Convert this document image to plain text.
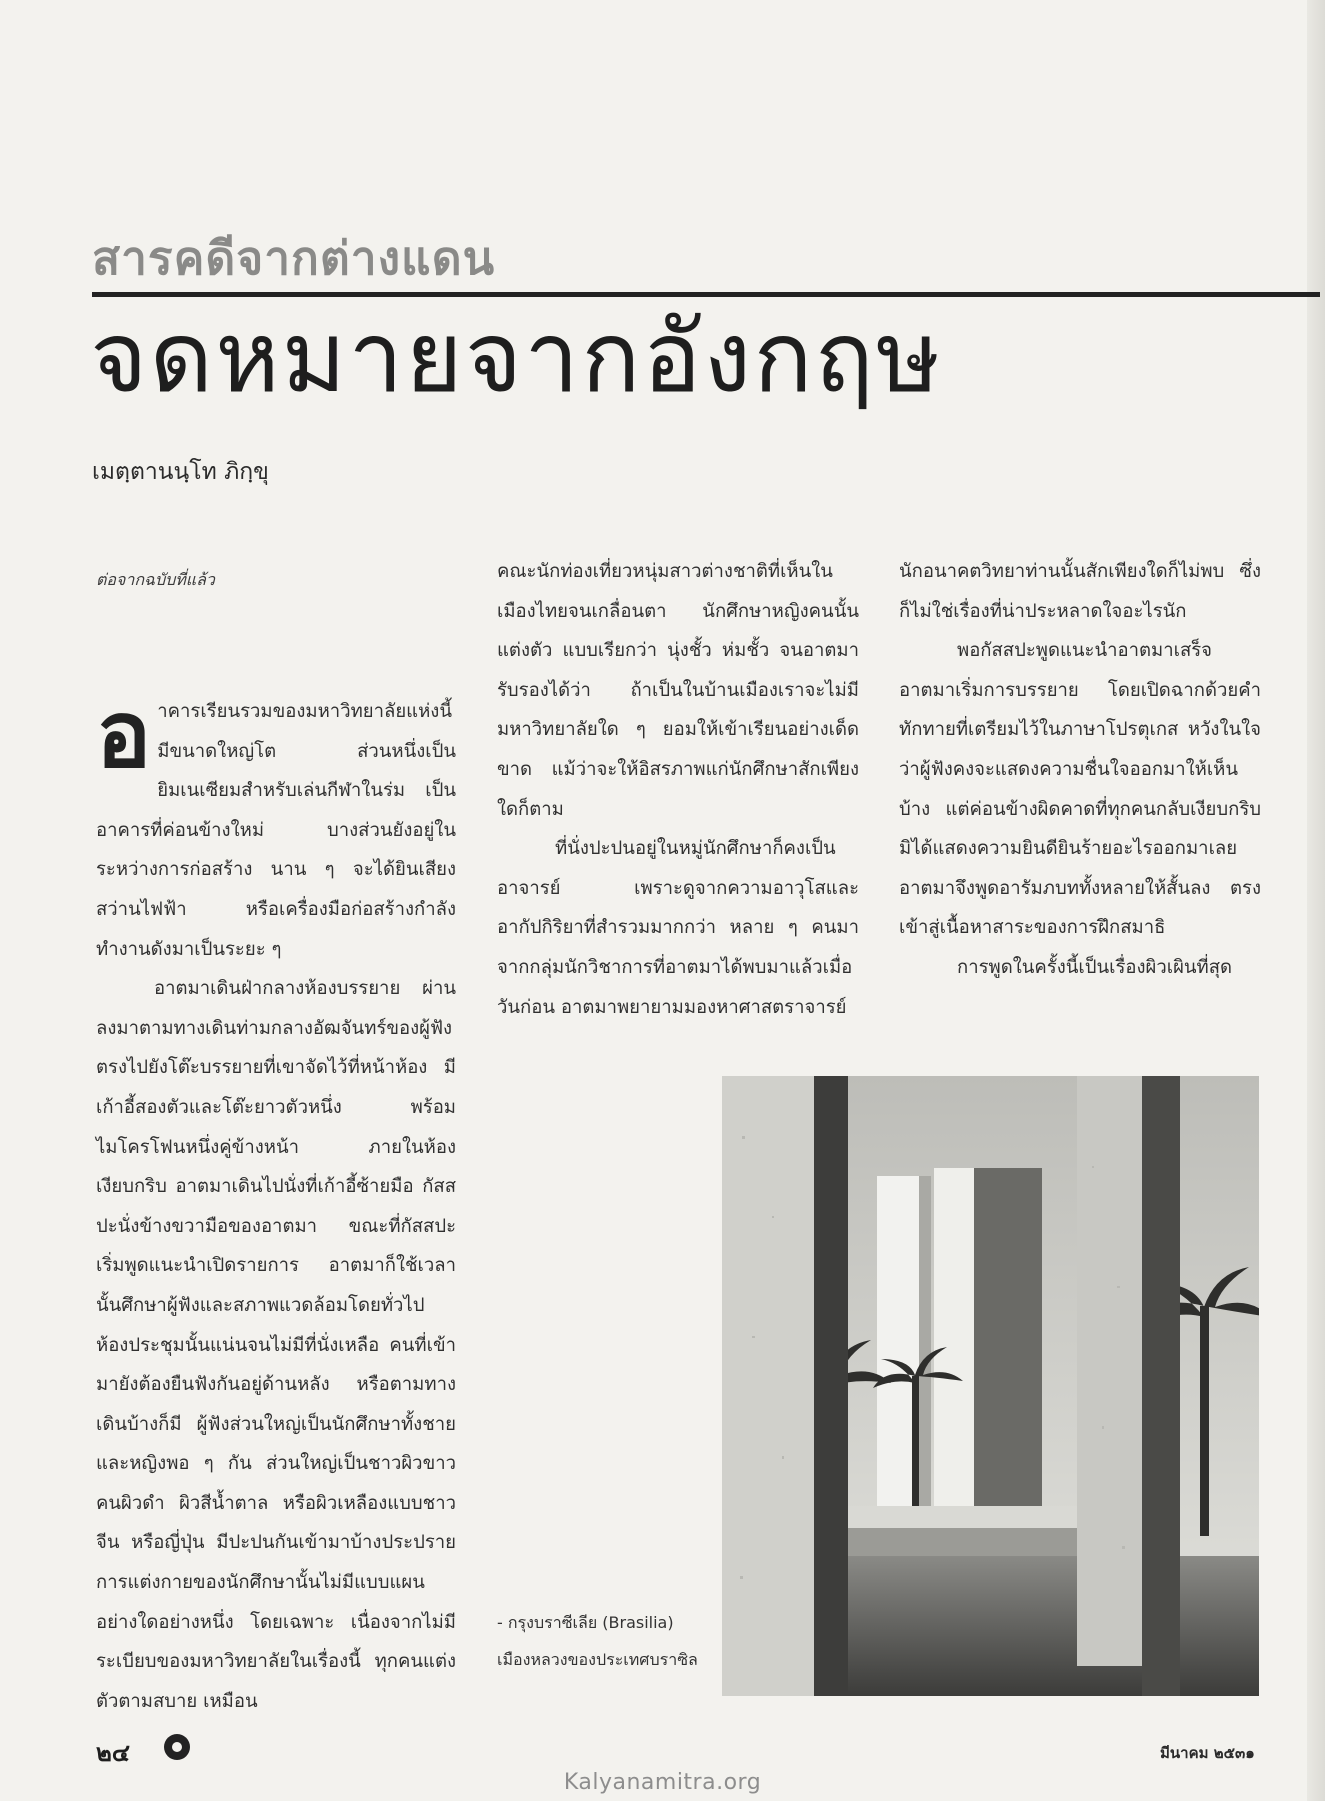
สารคดีจากต่างแดน
จดหมายจากอังกฤษ
เมตฺตานนฺโท ภิกฺขุ

ต่อจากฉบับที่แล้ว

อ าคารเรียนรวมของมหาวิทยาลัยแห่งนี้ มีขนาดใหญ่โต ส่วนหนึ่งเป็นยิมเนเซียมสำหรับเล่นกีฬาในร่ม เป็นอาคารที่ค่อนข้างใหม่ บางส่วนยังอยู่ในระหว่างการก่อสร้าง นาน ๆ จะได้ยินเสียงสว่านไฟฟ้า หรือเครื่องมือก่อสร้างกำลังทำงานดังมาเป็นระยะ ๆ

อาตมาเดินฝ่ากลางห้องบรรยาย ผ่านลงมาตามทางเดินท่ามกลางอัฒจันทร์ของผู้ฟังตรงไปยังโต๊ะบรรยายที่เขาจัดไว้ที่หน้าห้อง มีเก้าอี้สองตัวและโต๊ะยาวตัวหนึ่ง พร้อมไมโครโฟนหนึ่งคู่ข้างหน้า ภายในห้องเงียบกริบ อาตมาเดินไปนั่งที่เก้าอี้ซ้ายมือ กัสสปะนั่งข้างขวามือของอาตมา ขณะที่กัสสปะเริ่มพูดแนะนำเปิดรายการ อาตมาก็ใช้เวลานั้นศึกษาผู้ฟังและสภาพแวดล้อมโดยทั่วไป ห้องประชุมนั้นแน่นจนไม่มีที่นั่งเหลือ คนที่เข้ามายังต้องยืนฟังกันอยู่ด้านหลัง หรือตามทางเดินบ้างก็มี ผู้ฟังส่วนใหญ่เป็นนักศึกษาทั้งชายและหญิงพอ ๆ กัน ส่วนใหญ่เป็นชาวผิวขาว คนผิวดำ ผิวสีน้ำตาล หรือผิวเหลืองแบบชาวจีน หรือญี่ปุ่น มีปะปนกันเข้ามาบ้างประปราย การแต่งกายของนักศึกษานั้นไม่มีแบบแผนอย่างใดอย่างหนึ่ง โดยเฉพาะ เนื่องจากไม่มีระเบียบของมหาวิทยาลัยในเรื่องนี้ ทุกคนแต่งตัวตามสบาย เหมือน

คณะนักท่องเที่ยวหนุ่มสาวต่างชาติที่เห็นในเมืองไทยจนเกลื่อนตา นักศึกษาหญิงคนนั้นแต่งตัว แบบเรียกว่า นุ่งชั้ว ห่มชั้ว จนอาตมารับรองได้ว่า ถ้าเป็นในบ้านเมืองเราจะไม่มีมหาวิทยาลัยใด ๆ ยอมให้เข้าเรียนอย่างเด็ดขาด แม้ว่าจะให้อิสรภาพแก่นักศึกษาสักเพียงใดก็ตาม

ที่นั่งปะปนอยู่ในหมู่นักศึกษาก็คงเป็นอาจารย์ เพราะดูจากความอาวุโสและอากัปกิริยาที่สำรวมมากกว่า หลาย ๆ คนมาจากกลุ่มนักวิชาการที่อาตมาได้พบมาแล้วเมื่อวันก่อน อาตมาพยายามมองหาศาสตราจารย์

นักอนาคตวิทยาท่านนั้นสักเพียงใดก็ไม่พบ ซึ่งก็ไม่ใช่เรื่องที่น่าประหลาดใจอะไรนัก

พอกัสสปะพูดแนะนำอาตมาเสร็จ อาตมาเริ่มการบรรยาย โดยเปิดฉากด้วยคำทักทายที่เตรียมไว้ในภาษาโปรตุเกส หวังในใจว่าผู้ฟังคงจะแสดงความชื่นใจออกมาให้เห็นบ้าง แต่ค่อนข้างผิดคาดที่ทุกคนกลับเงียบกริบมิได้แสดงความยินดียินร้ายอะไรออกมาเลย อาตมาจึงพูดอารัมภบททั้งหลายให้สั้นลง ตรงเข้าสู่เนื้อหาสาระของการฝึกสมาธิ

การพูดในครั้งนี้เป็นเรื่องผิวเผินที่สุด

- กรุงบราซีเลีย (Brasilia) เมืองหลวงของประเทศบราซิล
๒๔	มีนาคม ๒๕๓๑
Kalyanamitra.org
